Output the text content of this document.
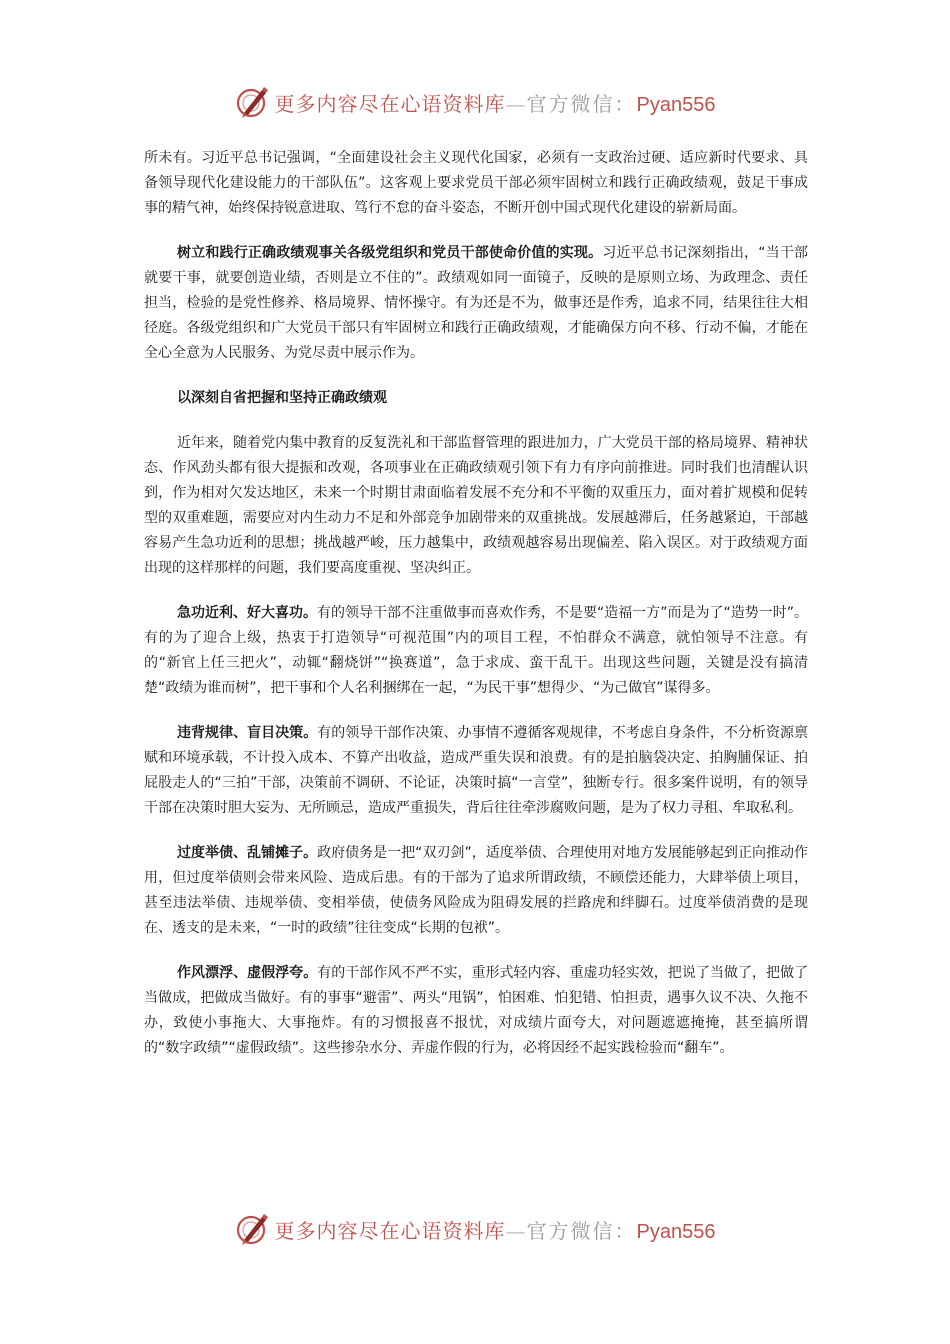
更多内容尽在心语资料库—官方微信：Pyan556

所未有。习近平总书记强调，“全面建设社会主义现代化国家，必须有一支政治过硬、适应新时代要求、具备领导现代化建设能力的干部队伍”。这客观上要求党员干部必须牢固树立和践行正确政绩观，鼓足干事成事的精气神，始终保持锐意进取、笃行不怠的奋斗姿态，不断开创中国式现代化建设的崭新局面。

树立和践行正确政绩观事关各级党组织和党员干部使命价值的实现。习近平总书记深刻指出，“当干部就要干事，就要创造业绩，否则是立不住的”。政绩观如同一面镜子，反映的是原则立场、为政理念、责任担当，检验的是党性修养、格局境界、情怀操守。有为还是不为，做事还是作秀，追求不同，结果往往大相径庭。各级党组织和广大党员干部只有牢固树立和践行正确政绩观，才能确保方向不移、行动不偏，才能在全心全意为人民服务、为党尽责中展示作为。

以深刻自省把握和坚持正确政绩观

近年来，随着党内集中教育的反复洗礼和干部监督管理的跟进加力，广大党员干部的格局境界、精神状态、作风劲头都有很大提振和改观，各项事业在正确政绩观引领下有力有序向前推进。同时我们也清醒认识到，作为相对欠发达地区，未来一个时期甘肃面临着发展不充分和不平衡的双重压力，面对着扩规模和促转型的双重难题，需要应对内生动力不足和外部竞争加剧带来的双重挑战。发展越滞后，任务越紧迫，干部越容易产生急功近利的思想；挑战越严峻，压力越集中，政绩观越容易出现偏差、陷入误区。对于政绩观方面出现的这样那样的问题，我们要高度重视、坚决纠正。

急功近利、好大喜功。有的领导干部不注重做事而喜欢作秀，不是要“造福一方”而是为了“造势一时”。有的为了迎合上级，热衷于打造领导“可视范围”内的项目工程，不怕群众不满意，就怕领导不注意。有的“新官上任三把火”，动辄“翻烧饼”“换赛道”，急于求成、蛮干乱干。出现这些问题，关键是没有搞清楚“政绩为谁而树”，把干事和个人名利捆绑在一起，“为民干事”想得少、“为己做官”谋得多。

违背规律、盲目决策。有的领导干部作决策、办事情不遵循客观规律，不考虑自身条件，不分析资源禀赋和环境承载，不计投入成本、不算产出收益，造成严重失误和浪费。有的是拍脑袋决定、拍胸脯保证、拍屁股走人的“三拍”干部，决策前不调研、不论证，决策时搞“一言堂”，独断专行。很多案件说明，有的领导干部在决策时胆大妄为、无所顾忌，造成严重损失，背后往往牵涉腐败问题，是为了权力寻租、牟取私利。

过度举债、乱铺摊子。政府债务是一把“双刃剑”，适度举债、合理使用对地方发展能够起到正向推动作用，但过度举债则会带来风险、造成后患。有的干部为了追求所谓政绩，不顾偿还能力，大肆举债上项目，甚至违法举债、违规举债、变相举债，使债务风险成为阻碍发展的拦路虎和绊脚石。过度举债消费的是现在、透支的是未来，“一时的政绩”往往变成“长期的包袱”。

作风漂浮、虚假浮夸。有的干部作风不严不实，重形式轻内容、重虚功轻实效，把说了当做了，把做了当做成，把做成当做好。有的事事“避雷”、两头“甩锅”，怕困难、怕犯错、怕担责，遇事久议不决、久拖不办，致使小事拖大、大事拖炸。有的习惯报喜不报忧，对成绩片面夸大，对问题遮遮掩掩，甚至搞所谓的“数字政绩”“虚假政绩”。这些掺杂水分、弄虚作假的行为，必将因经不起实践检验而“翻车”。

更多内容尽在心语资料库—官方微信：Pyan556
